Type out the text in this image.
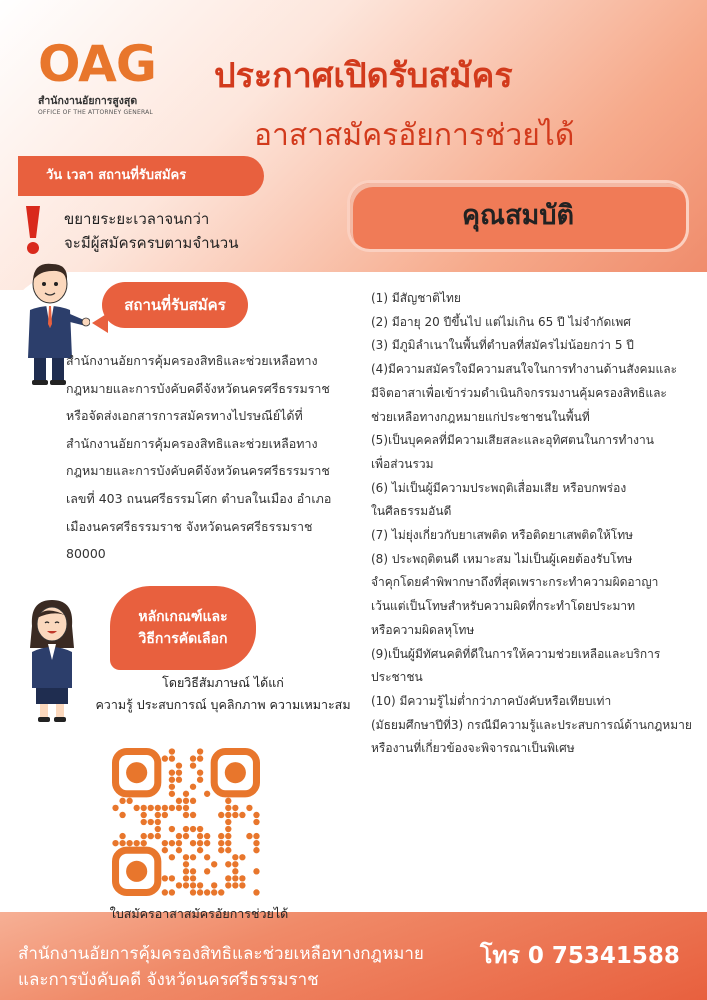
OAG
สำนักงานอัยการสูงสุด
OFFICE OF THE ATTORNEY GENERAL
ประกาศเปิดรับสมัคร
อาสาสมัครอัยการช่วยได้
วัน เวลา สถานที่รับสมัคร
ขยายระยะเวลาจนกว่า
จะมีผู้สมัครครบตามจำนวน
คุณสมบัติ
สถานที่รับสมัคร

สำนักงานอัยการคุ้มครองสิทธิและช่วยเหลือทาง

กฎหมายและการบังคับคดีจังหวัดนครศรีธรรมราช

หรือจัดส่งเอกสารการสมัครทางไปรษณีย์ได้ที่

สำนักงานอัยการคุ้มครองสิทธิและช่วยเหลือทาง

กฎหมายและการบังคับคดีจังหวัดนครศรีธรรมราช

เลขที่ 403 ถนนศรีธรรมโศก ตำบลในเมือง อำเภอ

เมืองนครศรีธรรมราช จังหวัดนครศรีธรรมราช

80000

หลักเกณฑ์และ
วิธีการคัดเลือก

โดยวิธีสัมภาษณ์ ได้แก่

ความรู้ ประสบการณ์ บุคลิกภาพ ความเหมาะสม

ใบสมัครอาสาสมัครอัยการช่วยได้

(1) มีสัญชาติไทย

(2) มีอายุ 20 ปีขึ้นไป แต่ไม่เกิน 65 ปี ไม่จำกัดเพศ

(3) มีภูมิลำเนาในพื้นที่ตำบลที่สมัครไม่น้อยกว่า 5 ปี

(4)มีความสมัครใจมีความสนใจในการทำงานด้านสังคมและ

มีจิตอาสาเพื่อเข้าร่วมดำเนินกิจกรรมงานคุ้มครองสิทธิและ

ช่วยเหลือทางกฎหมายแก่ประชาชนในพื้นที่

(5)เป็นบุคคลที่มีความเสียสละและอุทิศตนในการทำงาน

เพื่อส่วนรวม

(6) ไม่เป็นผู้มีความประพฤติเสื่อมเสีย หรือบกพร่อง

ในศีลธรรมอันดี

(7) ไม่ยุ่งเกี่ยวกับยาเสพติด หรือติดยาเสพติดให้โทษ

(8) ประพฤติตนดี เหมาะสม ไม่เป็นผู้เคยต้องรับโทษ

จำคุกโดยคำพิพากษาถึงที่สุดเพราะกระทำความผิดอาญา

เว้นแต่เป็นโทษสำหรับความผิดที่กระทำโดยประมาท

หรือความผิดลหุโทษ

(9)เป็นผู้มีทัศนคติที่ดีในการให้ความช่วยเหลือและบริการ

ประชาชน

(10) มีความรู้ไม่ต่ำกว่าภาคบังคับหรือเทียบเท่า

(มัธยมศึกษาปีที่3) กรณีมีความรู้และประสบการณ์ด้านกฎหมาย

หรืองานที่เกี่ยวข้องจะพิจารณาเป็นพิเศษ

สำนักงานอัยการคุ้มครองสิทธิและช่วยเหลือทางกฎหมาย
และการบังคับคดี จังหวัดนครศรีธรรมราช
โทร 0 75341588
